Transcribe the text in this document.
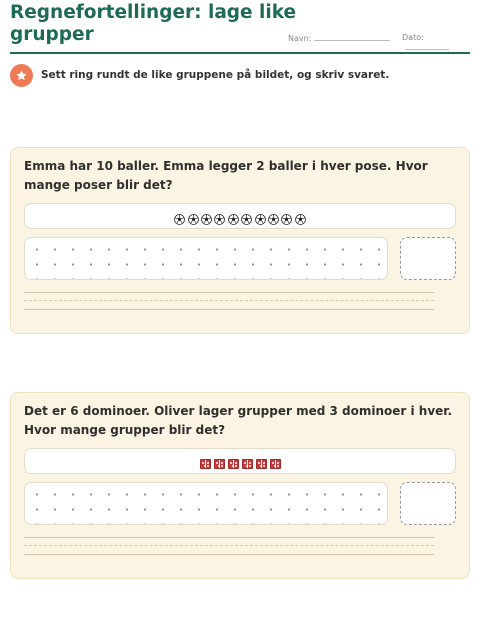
Regnefortellinger: lage like grupper	Navn:	Dato:
Sett ring rundt de like gruppene på bildet, og skriv svaret.
Emma har 10 baller. Emma legger 2 baller i hver pose. Hvor mange poser blir det?
Det er 6 dominoer. Oliver lager grupper med 3 dominoer i hver. Hvor mange grupper blir det?
